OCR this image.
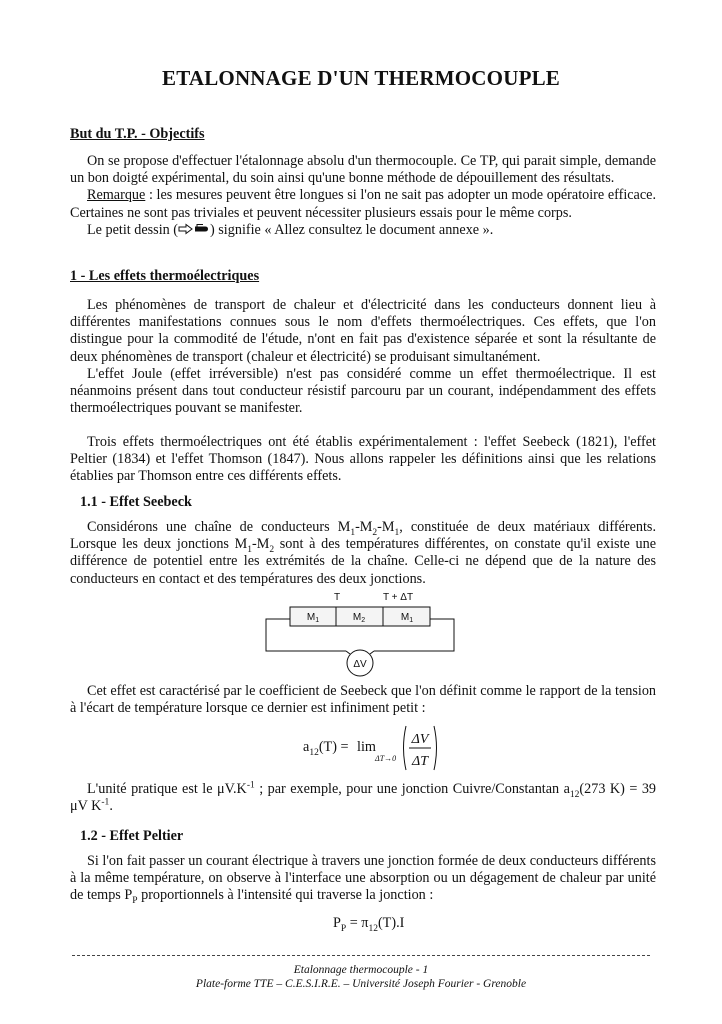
ETALONNAGE D'UN THERMOCOUPLE
But du T.P. - Objectifs

On se propose d'effectuer l'étalonnage absolu d'un thermocouple. Ce TP, qui parait simple, demande un bon doigté expérimental, du soin ainsi qu'une bonne méthode de dépouillement des résultats.

Remarque : les mesures peuvent être longues si l'on ne sait pas adopter un mode opératoire efficace. Certaines ne sont pas triviales et peuvent nécessiter plusieurs essais pour le même corps.

Le petit dessin ( ) signifie « Allez consultez le document annexe ».

1 - Les effets thermoélectriques

Les phénomènes de transport de chaleur et d'électricité dans les conducteurs donnent lieu à différentes manifestations connues sous le nom d'effets thermoélectriques. Ces effets, que l'on distingue pour la commodité de l'étude, n'ont en fait pas d'existence séparée et sont la résultante de deux phénomènes de transport (chaleur et électricité) se produisant simultanément.

L'effet Joule (effet irréversible) n'est pas considéré comme un effet thermoélectrique. Il est néanmoins présent dans tout conducteur résistif parcouru par un courant, indépendamment des effets thermoélectriques pouvant se manifester.

Trois effets thermoélectriques ont été établis expérimentalement : l'effet Seebeck (1821), l'effet Peltier (1834) et l'effet Thomson (1847). Nous allons rappeler les définitions ainsi que les relations établies par Thomson entre ces différents effets.

1.1 - Effet Seebeck

Considérons une chaîne de conducteurs $M_1-M_2-M_1$, constituée de deux matériaux différents. Lorsque les deux jonctions $M_1-M_2$ sont à des températures différentes, on constate qu'il existe une différence de potentiel entre les extrémités de la chaîne. Celle-ci ne dépend que de la nature des conducteurs en contact et des températures des deux jonctions.

T	T + ΔT
$M_1$	$M_2$	$M_1$
ΔV

Cet effet est caractérisé par le coefficient de Seebeck que l'on définit comme le rapport de la tension à l'écart de température lorsque ce dernier est infiniment petit :

$a_{12}(T) = \lim$
ΔT→0
ΔV
ΔT

L'unité pratique est le $\mu V.K^{-1}$ ; par exemple, pour une jonction Cuivre/Constantan $a_{12}(273$ K) = 39 μV $K^{-1}$.

1.2 - Effet Peltier

Si l'on fait passer un courant électrique à travers une jonction formée de deux conducteurs différents à la même température, on observe à l'interface une absorption ou un dégagement de chaleur par unité de temps $P_P$ proportionnels à l'intensité qui traverse la jonction :

$P_P = \pi_{12}(T).I$
Etalonnage thermocouple - 1
Plate-forme TTE – C.E.S.I.R.E. – Université Joseph Fourier - Grenoble
